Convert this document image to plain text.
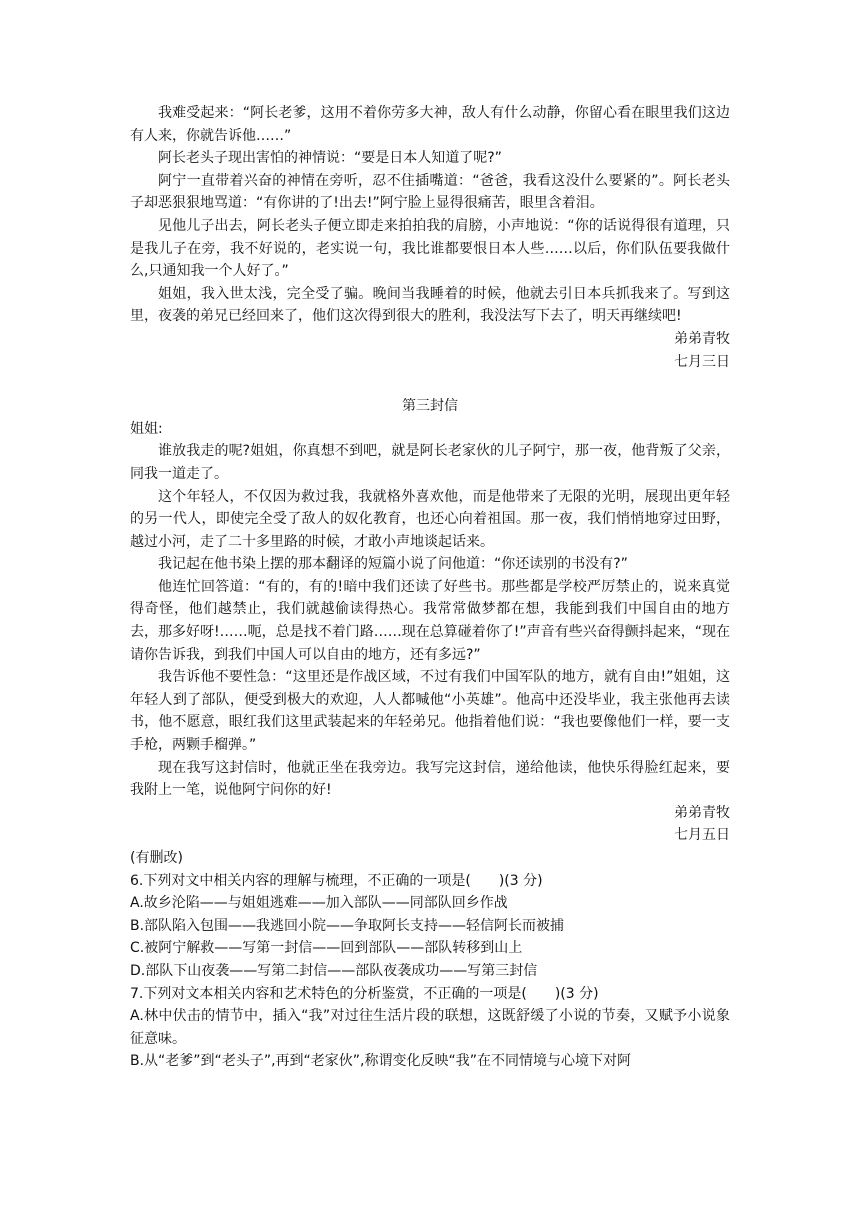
我难受起来：“阿长老爹，这用不着你劳多大神，敌人有什么动静，你留心看在眼里我们这边有人来，你就告诉他……”

阿长老头子现出害怕的神情说：“要是日本人知道了呢?”

阿宁一直带着兴奋的神情在旁听，忍不住插嘴道：“爸爸，我看这没什么要紧的”。阿长老头子却恶狠狠地骂道：“有你讲的了!出去!”阿宁脸上显得很痛苦，眼里含着泪。

见他儿子出去，阿长老头子便立即走来拍拍我的肩膀，小声地说：“你的话说得很有道理，只是我儿子在旁，我不好说的，老实说一句，我比谁都要恨日本人些……以后，你们队伍要我做什么,只通知我一个人好了。”

姐姐，我入世太浅，完全受了骗。晚间当我睡着的时候，他就去引日本兵抓我来了。写到这里，夜袭的弟兄已经回来了，他们这次得到很大的胜利，我没法写下去了，明天再继续吧!

弟弟青牧

七月三日

第三封信

姐姐:

谁放我走的呢?姐姐，你真想不到吧，就是阿长老家伙的儿子阿宁，那一夜，他背叛了父亲，同我一道走了。

这个年轻人，不仅因为救过我，我就格外喜欢他，而是他带来了无限的光明，展现出更年轻的另一代人，即使完全受了敌人的奴化教育，也还心向着祖国。那一夜，我们悄悄地穿过田野，越过小河，走了二十多里路的时候，才敢小声地谈起话来。

我记起在他书染上摆的那本翻译的短篇小说了问他道：“你还读别的书没有?”

他连忙回答道：“有的，有的!暗中我们还读了好些书。那些都是学校严厉禁止的，说来真觉得奇怪，他们越禁止，我们就越偷读得热心。我常常做梦都在想，我能到我们中国自由的地方去，那多好呀!……呃，总是找不着门路……现在总算碰着你了!”声音有些兴奋得颤抖起来，“现在请你告诉我，到我们中国人可以自由的地方，还有多远?”

我告诉他不要性急：“这里还是作战区域，不过有我们中国军队的地方，就有自由!”姐姐，这年轻人到了部队，便受到极大的欢迎，人人都喊他“小英雄”。他高中还没毕业，我主张他再去读书，他不愿意，眼红我们这里武装起来的年轻弟兄。他指着他们说：“我也要像他们一样，要一支手枪，两颗手榴弹。”

现在我写这封信时，他就正坐在我旁边。我写完这封信，递给他读，他快乐得脸红起来，要我附上一笔，说他阿宁问你的好!

弟弟青牧

七月五日

(有删改)

6.下列对文中相关内容的理解与梳理，不正确的一项是(　　)(3 分)

A.故乡沦陷——与姐姐逃难——加入部队——同部队回乡作战

B.部队陷入包围——我逃回小院——争取阿长支持——轻信阿长而被捕

C.被阿宁解救——写第一封信——回到部队——部队转移到山上

D.部队下山夜袭——写第二封信——部队夜袭成功——写第三封信

7.下列对文本相关内容和艺术特色的分析鉴赏，不正确的一项是(　　)(3 分)

A.林中伏击的情节中，插入“我”对过往生活片段的联想，这既舒缓了小说的节奏，又赋予小说象征意味。

B.从“老爹”到“老头子”,再到“老家伙”,称谓变化反映“我”在不同情境与心境下对阿
